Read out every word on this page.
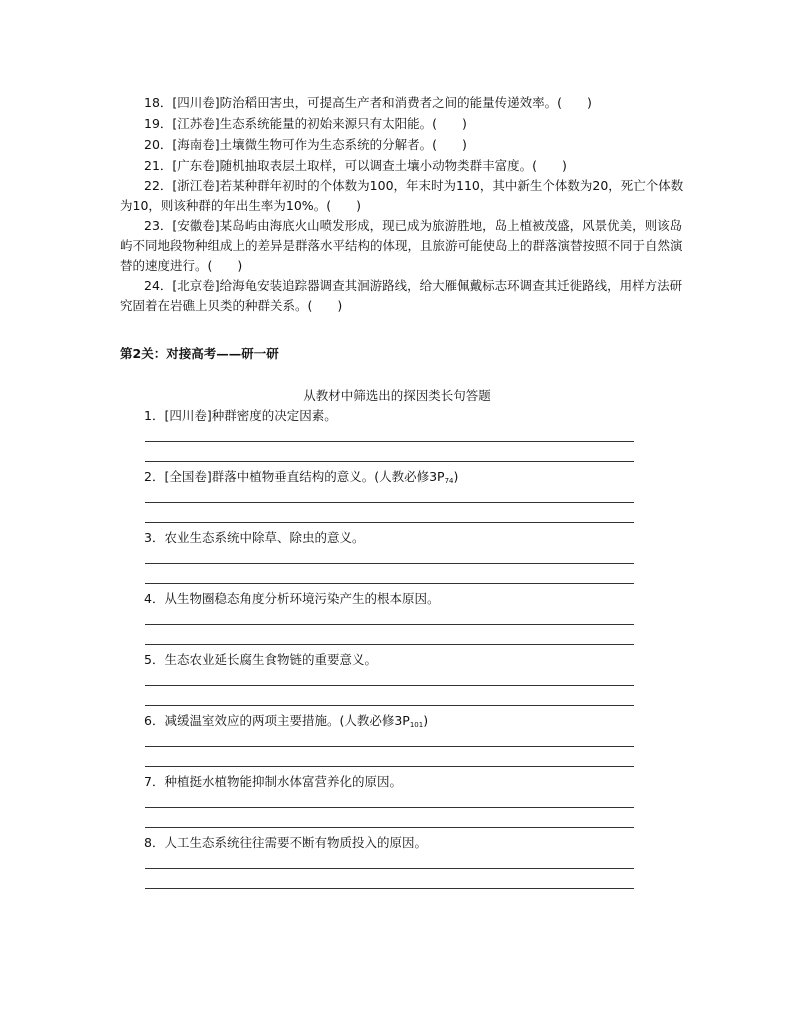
18．[四川卷]防治稻田害虫，可提高生产者和消费者之间的能量传递效率。(　　)
19．[江苏卷]生态系统能量的初始来源只有太阳能。(　　)
20．[海南卷]土壤微生物可作为生态系统的分解者。(　　)
21．[广东卷]随机抽取表层土取样，可以调查土壤小动物类群丰富度。(　　)
22．[浙江卷]若某种群年初时的个体数为100，年末时为110，其中新生个体数为20，死亡个体数为10，则该种群的年出生率为10%。(　　)
23．[安徽卷]某岛屿由海底火山喷发形成，现已成为旅游胜地，岛上植被茂盛，风景优美，则该岛屿不同地段物种组成上的差异是群落水平结构的体现，且旅游可能使岛上的群落演替按照不同于自然演替的速度进行。(　　)
24．[北京卷]给海龟安装追踪器调查其洄游路线，给大雁佩戴标志环调查其迁徙路线，用样方法研究固着在岩礁上贝类的种群关系。(　　)
第2关：对接高考——研一研
从教材中筛选出的探因类长句答题
1．[四川卷]种群密度的决定因素。
2．[全国卷]群落中植物垂直结构的意义。(人教必修$3P_{74}$)
3．农业生态系统中除草、除虫的意义。
4．从生物圈稳态角度分析环境污染产生的根本原因。
5．生态农业延长腐生食物链的重要意义。
6．减缓温室效应的两项主要措施。(人教必修$3P_{101}$)
7．种植挺水植物能抑制水体富营养化的原因。
8．人工生态系统往往需要不断有物质投入的原因。
